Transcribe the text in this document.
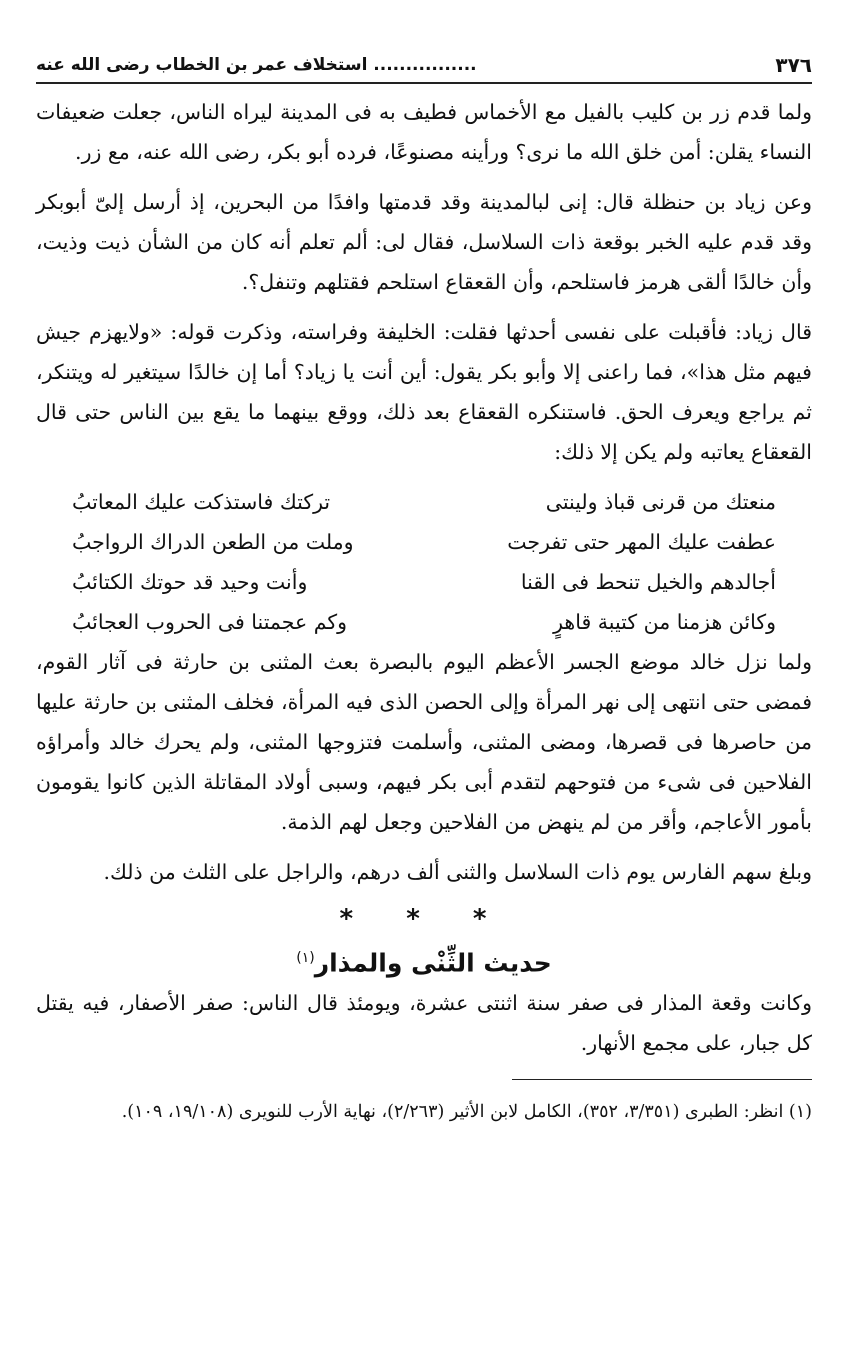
٣٧٦
................ استخلاف عمر بن الخطاب رضى الله عنه

ولما قدم زر بن كليب بالفيل مع الأخماس فطيف به فى المدينة ليراه الناس، جعلت ضعيفات النساء يقلن: أمن خلق الله ما نرى؟ ورأينه مصنوعًا، فرده أبو بكر، رضى الله عنه، مع زر.

وعن زياد بن حنظلة قال: إنى لبالمدينة وقد قدمتها وافدًا من البحرين، إذ أرسل إلىّ أبوبكر وقد قدم عليه الخبر بوقعة ذات السلاسل، فقال لى: ألم تعلم أنه كان من الشأن ذيت وذيت، وأن خالدًا ألقى هرمز فاستلحم، وأن القعقاع استلحم فقتلهم وتنفل؟.

قال زياد: فأقبلت على نفسى أحدثها فقلت: الخليفة وفراسته، وذكرت قوله: «ولايهزم جيش فيهم مثل هذا»، فما راعنى إلا وأبو بكر يقول: أين أنت يا زياد؟ أما إن خالدًا سيتغير له ويتنكر، ثم يراجع ويعرف الحق. فاستنكره القعقاع بعد ذلك، ووقع بينهما ما يقع بين الناس حتى قال القعقاع يعاتبه ولم يكن إلا ذلك:

منعتك من قرنى قباذ ولينتى
تركتك فاستذكت عليك المعاتبُ
عطفت عليك المهر حتى تفرجت
وملت من الطعن الدراك الرواجبُ
أجالدهم والخيل تنحط فى القنا
وأنت وحيد قد حوتك الكتائبُ
وكائن هزمنا من كتيبة قاهرٍ
وكم عجمتنا فى الحروب العجائبُ

ولما نزل خالد موضع الجسر الأعظم اليوم بالبصرة بعث المثنى بن حارثة فى آثار القوم، فمضى حتى انتهى إلى نهر المرأة وإلى الحصن الذى فيه المرأة، فخلف المثنى بن حارثة عليها من حاصرها فى قصرها، ومضى المثنى، وأسلمت فتزوجها المثنى، ولم يحرك خالد وأمراؤه الفلاحين فى شىء من فتوحهم لتقدم أبى بكر فيهم، وسبى أولاد المقاتلة الذين كانوا يقومون بأمور الأعاجم، وأقر من لم ينهض من الفلاحين وجعل لهم الذمة.

وبلغ سهم الفارس يوم ذات السلاسل والثنى ألف درهم، والراجل على الثلث من ذلك.

* * *
حديث الثِّنْى والمذار$^{(١)}$

وكانت وقعة المذار فى صفر سنة اثنتى عشرة، ويومئذ قال الناس: صفر الأصفار، فيه يقتل كل جبار، على مجمع الأنهار.

(١) انظر: الطبرى (٣/٣٥١، ٣٥٢)، الكامل لابن الأثير (٢/٢٦٣)، نهاية الأرب للنويرى (١٩/١٠٨، ١٠٩).
